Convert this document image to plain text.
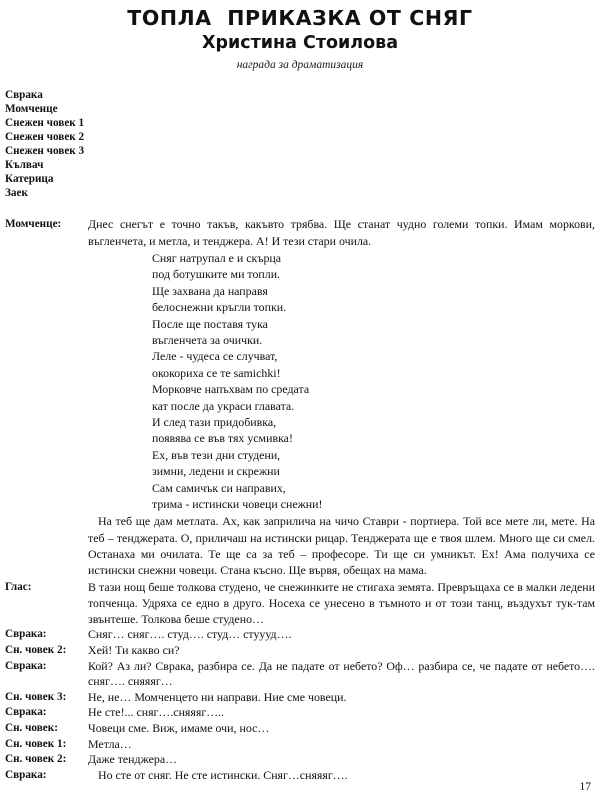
ТОПЛА  ПРИКАЗКА ОТ СНЯГ
Христина Стоилова
награда за драматизация
Сврака
Момченце
Снежен човек 1
Снежен човек 2
Снежен човек 3
Кълвач
Катерица
Заек
Момченце:	Днес снегът е точно такъв, какъвто трябва. Ще станат чудно големи топки. Имам моркови, въгленчета, и метла, и тенджера. А! И тези стари очила.

Сняг натрупал е и скърца
под ботушките ми топли.
Ще захвана да направя
белоснежни кръгли топки.
После ще поставя тука
въгленчета за очички.
Леле - чудеса се случват,
ококориха се те samichki!
Морковче напъхвам по средата
кат после да украси главата.
И след тази придобивка,
появява се във тях усмивка!
Ех, във тези дни студени,
зимни, ледени и скрежни
Сам самичък си направих,
трима - истински човеци снежни!

На теб ще дам метлата. Ах, как заприлича на чичо Ставри - портиера. Той все мете ли, мете. На теб – тенджерата. О, приличаш на истински рицар. Тенджерата ще е твоя шлем. Много ще си смел. Останаха ми очилата. Те ще са за теб – професоре. Ти ще си умникът. Ех! Ама получиха се истински снежни човеци. Стана късно. Ще вървя, обещах на мама.

Глас:	В тази нощ беше толкова студено, че снежинките не стигаха земята. Превръщаха се в малки ледени топченца. Удряха се едно в друго. Носеха се унесено в тъмното и от този танц, въздухът тук-там звънтеше. Толкова беше студено…

Сврака:	Сняг… сняг…. студ…. студ… стуууд….

Сн. човек 2:	Хей! Ти какво си?

Сврака:	Кой? Аз ли? Сврака, разбира се. Да не падате от небето? Оф… разбира се, че падате от небето…. сняг…. сняяяг…

Сн. човек 3:	Не, не… Момченцето ни направи. Ние сме човеци.

Сврака:	Не сте!... сняг….сняяяг…..

Сн. човек:	Човеци сме. Виж, имаме очи, нос…

Сн. човек 1:	Метла…

Сн. човек 2:	Даже тенджера…

Сврака:	Но сте от сняг. Не сте истински. Сняг…сняяяг….

17
